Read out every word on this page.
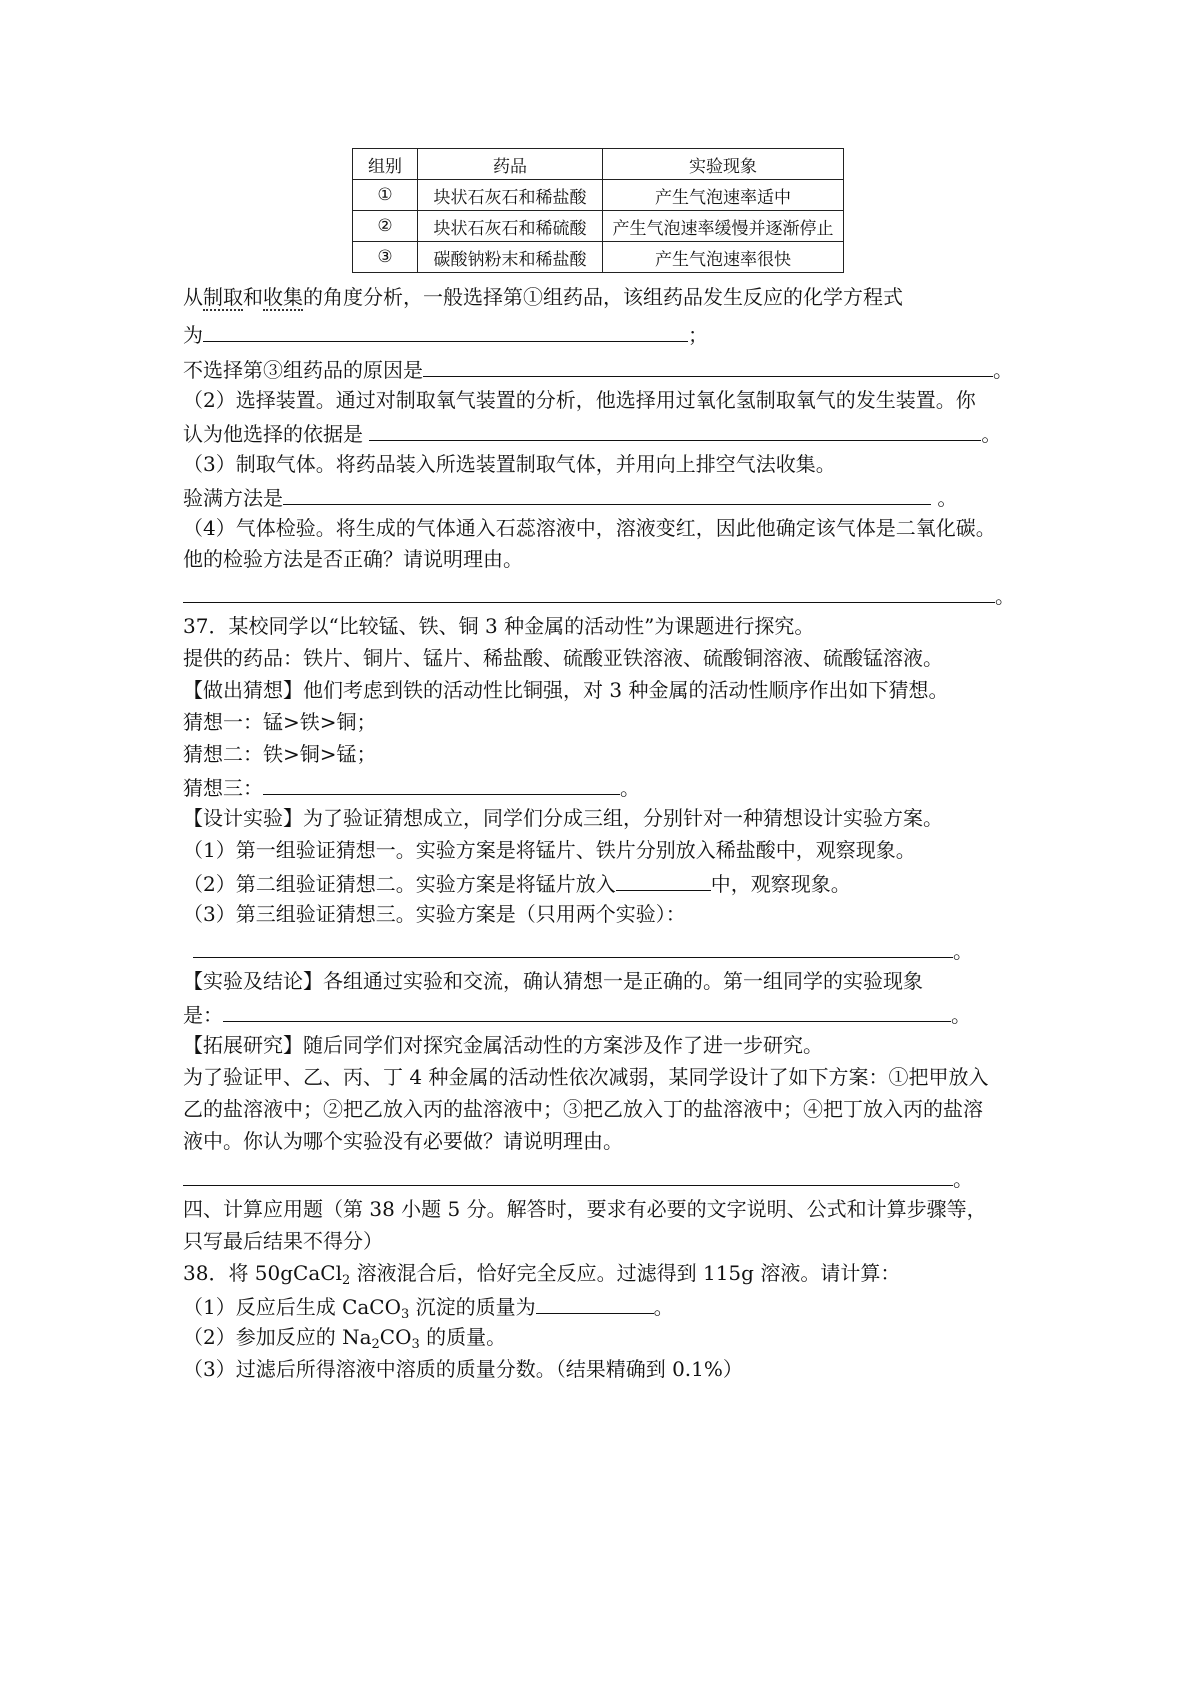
组别	药品	实验现象
①	块状石灰石和稀盐酸	产生气泡速率适中
②	块状石灰石和稀硫酸	产生气泡速率缓慢并逐渐停止
③	碳酸钠粉末和稀盐酸	产生气泡速率很快
从制取和收集的角度分析，一般选择第①组药品，该组药品发生反应的化学方程式
为	；
不选择第③组药品的原因是	。
（2）选择装置。通过对制取氧气装置的分析，他选择用过氧化氢制取氧气的发生装置。你
认为他选择的依据是	。
（3）制取气体。将药品装入所选装置制取气体，并用向上排空气法收集。
验满方法是	。
（4）气体检验。将生成的气体通入石蕊溶液中，溶液变红，因此他确定该气体是二氧化碳。
他的检验方法是否正确？请说明理由。
。
37．某校同学以“比较锰、铁、铜 3 种金属的活动性”为课题进行探究。
提供的药品：铁片、铜片、锰片、稀盐酸、硫酸亚铁溶液、硫酸铜溶液、硫酸锰溶液。
【做出猜想】他们考虑到铁的活动性比铜强，对 3 种金属的活动性顺序作出如下猜想。
猜想一：锰>铁>铜；
猜想二：铁>铜>锰；
猜想三：	。
【设计实验】为了验证猜想成立，同学们分成三组，分别针对一种猜想设计实验方案。
（1）第一组验证猜想一。实验方案是将锰片、铁片分别放入稀盐酸中，观察现象。
（2）第二组验证猜想二。实验方案是将锰片放入	中，观察现象。
（3）第三组验证猜想三。实验方案是（只用两个实验）：
。
【实验及结论】各组通过实验和交流，确认猜想一是正确的。第一组同学的实验现象
是：	。
【拓展研究】随后同学们对探究金属活动性的方案涉及作了进一步研究。
为了验证甲、乙、丙、丁 4 种金属的活动性依次减弱，某同学设计了如下方案：①把甲放入
乙的盐溶液中；②把乙放入丙的盐溶液中；③把乙放入丁的盐溶液中；④把丁放入丙的盐溶
液中。你认为哪个实验没有必要做？请说明理由。
。
四、计算应用题（第 38 小题 5 分。解答时，要求有必要的文字说明、公式和计算步骤等，
只写最后结果不得分）
38．将 50gCaCl$_2$ 溶液混合后，恰好完全反应。过滤得到 115g 溶液。请计算：
（1）反应后生成 CaCO$_3$ 沉淀的质量为	。
（2）参加反应的 $Na_2CO_3$ 的质量。
（3）过滤后所得溶液中溶质的质量分数。（结果精确到 0.1%）
